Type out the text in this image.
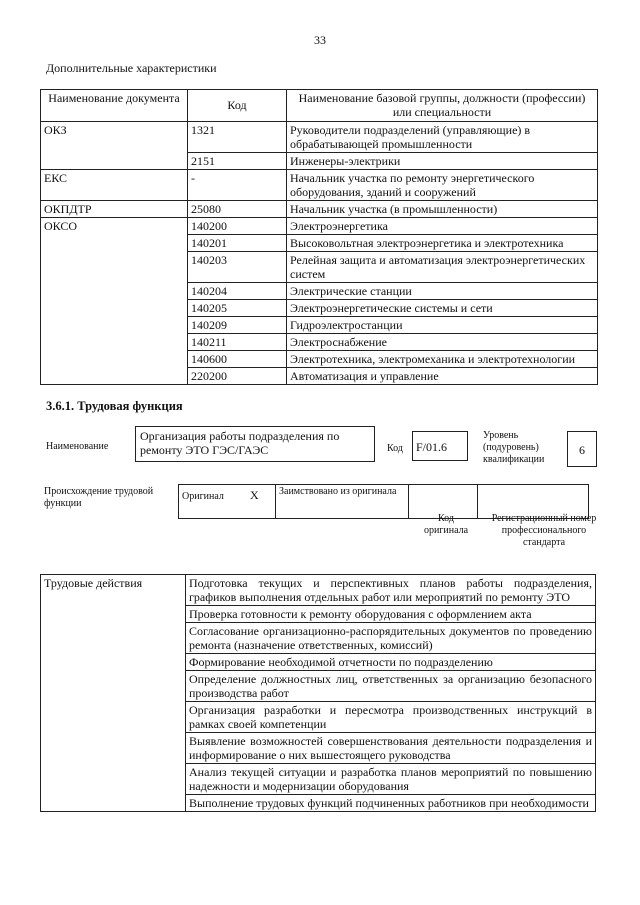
33
Дополнительные характеристики
Наименование документа	Код	Наименование базовой группы, должности (профессии) или специальности
ОКЗ	1321	Руководители подразделений (управляющие) в обрабатывающей промышленности
	2151	Инженеры-электрики
ЕКС	-	Начальник участка по ремонту энергетического оборудования, зданий и сооружений
ОКПДТР	25080	Начальник участка (в промышленности)
ОКСО	140200	Электроэнергетика
	140201	Высоковольтная электроэнергетика и электротехника
	140203	Релейная защита и автоматизация электроэнергетических систем
	140204	Электрические станции
	140205	Электроэнергетические системы и сети
	140209	Гидроэлектростанции
	140211	Электроснабжение
	140600	Электротехника, электромеханика и электротехнологии
	220200	Автоматизация и управление
3.6.1. Трудовая функция
Наименование
Организация работы подразделения по ремонту ЭТО ГЭС/ГАЭС	Код	F/01.6
Уровень (подуровень) квалификации
6
Происхождение трудовой функции
Оригинал	X	Заимствовано из оригинала		
Код оригинала
Регистрационный номер профессионального стандарта
Трудовые действия	Подготовка текущих и перспективных планов работы подразделения, графиков выполнения отдельных работ или мероприятий по ремонту ЭТО
Проверка готовности к ремонту оборудования с оформлением акта
Согласование организационно-распорядительных документов по проведению ремонта (назначение ответственных, комиссий)
Формирование необходимой отчетности по подразделению
Определение должностных лиц, ответственных за организацию безопасного производства работ
Организация разработки и пересмотра производственных инструкций в рамках своей компетенции
Выявление возможностей совершенствования деятельности подразделения и информирование о них вышестоящего руководства
Анализ текущей ситуации и разработка планов мероприятий по повышению надежности и модернизации оборудования
Выполнение трудовых функций подчиненных работников при необходимости
